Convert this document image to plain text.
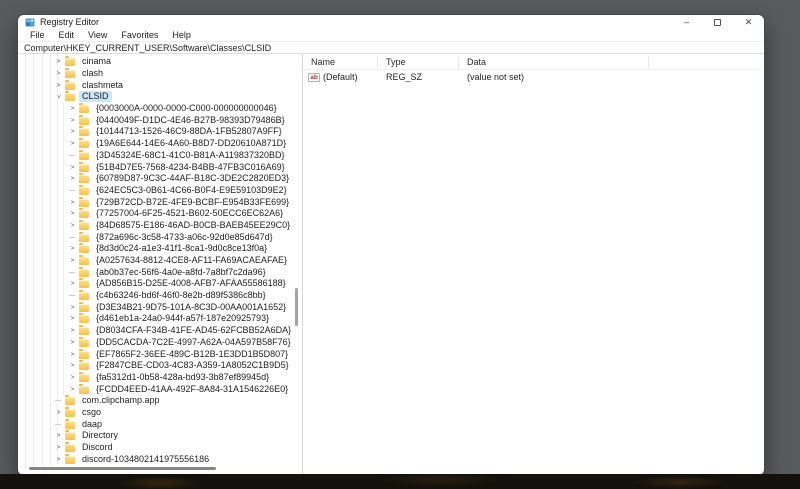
Registry Editor	–	✕
File	Edit	View	Favorites	Help
Computer\HKEY_CURRENT_USER\Software\Classes\CLSID
>	cinama
>	clash
>	clashmeta
>	CLSID
>	{0003000A-0000-0000-C000-000000000046}
>	{0440049F-D1DC-4E46-B27B-98393D79486B}
>	{10144713-1526-46C9-88DA-1FB52807A9FF}
>	{19A6E644-14E6-4A60-B8D7-DD20610A871D}
{3D45324E-68C1-41C0-B81A-A119837320BD}
>	{51B4D7E5-7568-4234-B4BB-47FB3C016A69}
>	{60789D87-9C3C-44AF-B18C-3DE2C2820ED3}
{624EC5C3-0B61-4C66-B0F4-E9E59103D9E2}
>	{729B72CD-B72E-4FE9-BCBF-E954B33FE699}
>	{77257004-6F25-4521-B602-50ECC6EC62A6}
>	{84D68575-E186-46AD-B0CB-BAEB45EE29C0}
{872a696c-3c58-4733-a06c-92d0e85d647d}
>	{8d3d0c24-a1e3-41f1-8ca1-9d0c8ce13f0a}
>	{A0257634-8812-4CE8-AF11-FA69ACAEAFAE}
{ab0b37ec-56f6-4a0e-a8fd-7a8bf7c2da96}
>	{AD856B15-D25E-4008-AFB7-AFAA55586188}
{c4b63246-bd6f-46f0-8e2b-d89f5386c8bb}
>	{D3E34B21-9D75-101A-8C3D-00AA001A1652}
>	{d461eb1a-24a0-944f-a57f-187e20925793}
>	{D8034CFA-F34B-41FE-AD45-62FCBB52A6DA}
>	{DD5CACDA-7C2E-4997-A62A-04A597B58F76}
>	{EF7865F2-36EE-489C-B12B-1E3DD1B5D807}
>	{F2847CBE-CD03-4C83-A359-1A8052C1B9D5}
>	{fa5312d1-0b58-428a-bd93-3b87ef89945d}
>	{FCDD4EED-41AA-492F-8A84-31A1546226E0}
com.clipchamp.app
>	csgo
daap
>	Directory
>	Discord
>	discord-1034802141975556186
Name	Type	Data
ab (Default)	REG_SZ	(value not set)
